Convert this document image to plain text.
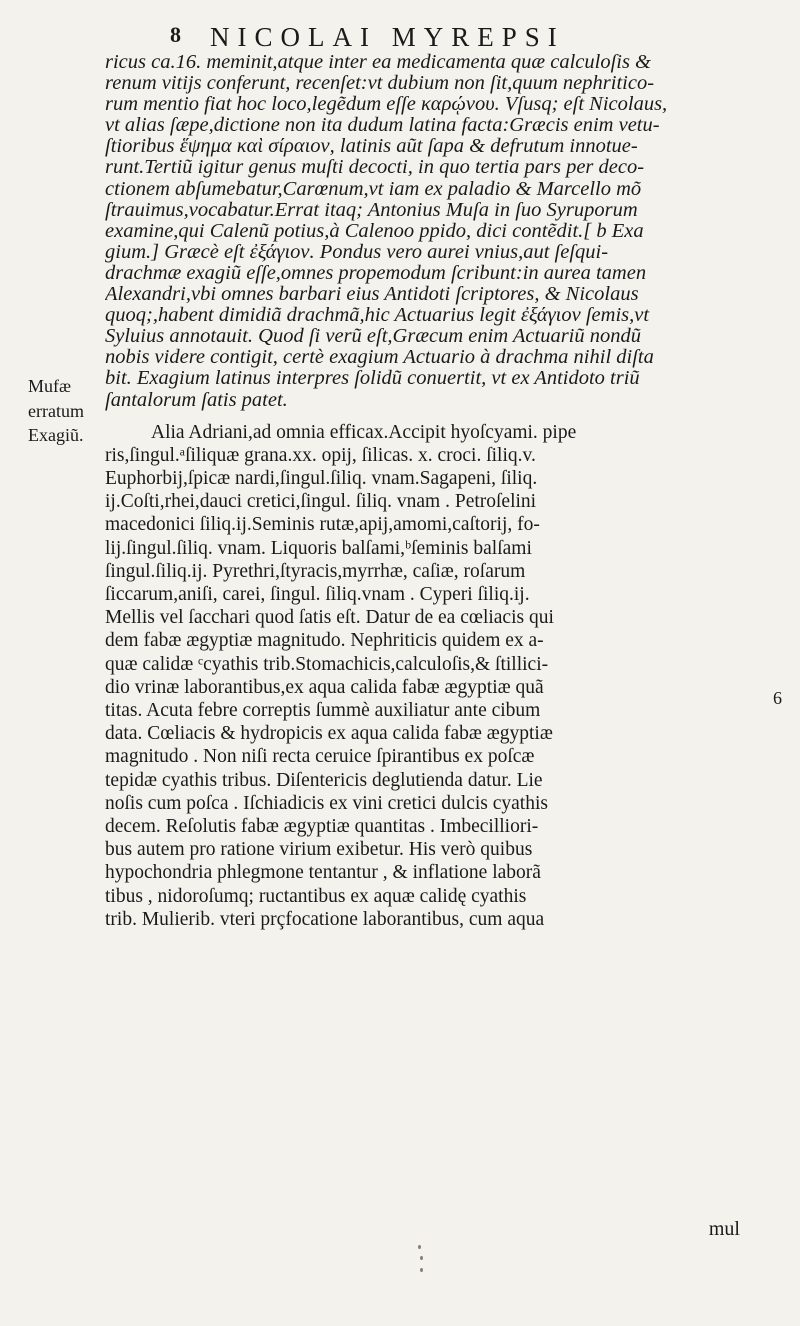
8 NICOLAI MYREPSI
Mufæ
erratum
Exagiũ.
6
ricus ca.16. meminit,atque inter ea medicamenta quæ calculoſis &
renum vitijs conferunt, recenſet:vt dubium non ſit,quum nephritico-
rum mentio fiat hoc loco,legẽdum eſſe καρῴνου. Vſusq; eſt Nicolaus,
vt alias ſæpe,dictione non ita dudum latina facta:Græcis enim vetu-
ſtioribus ἕψημα καὶ σίραιον, latinis aũt ſapa & defrutum innotue-
runt.Tertiũ igitur genus muſti decocti, in quo tertia pars per deco-
ctionem abſumebatur,Carœnum,vt iam ex paladio & Marcello mõ
ſtrauimus,vocabatur.Errat itaq; Antonius Muſa in ſuo Syruporum
examine,qui Calenũ potius,à Calenoo ppido, dici contẽdit.[ b Exa
gium.] Græcè eſt ἐξάγιον. Pondus vero aurei vnius,aut ſeſqui-
drachmæ exagiũ eſſe,omnes propemodum ſcribunt:in aurea tamen
Alexandri,vbi omnes barbari eius Antidoti ſcriptores, & Nicolaus
quoq;,habent dimidiã drachmã,hic Actuarius legit ἐξάγιον ſemis,vt
Syluius annotauit. Quod ſi verũ eſt,Græcum enim Actuariũ nondũ
nobis videre contigit, certè exagium Actuario à drachma nihil diſta
bit. Exagium latinus interpres ſolidũ conuertit, vt ex Antidoto triũ
ſantalorum ſatis patet.
Alia Adriani,ad omnia efficax.Accipit hyoſcyami. pipe
ris,ſingul.ᵃſiliquæ grana.xx. opij, ſilicas. x. croci. ſiliq.v.
Euphorbij,ſpicæ nardi,ſingul.ſiliq. vnam.Sagapeni, ſiliq.
ij.Coſti,rhei,dauci cretici,ſingul. ſiliq. vnam . Petroſelini
macedonici ſiliq.ij.Seminis rutæ,apij,amomi,caſtorij, fo-
lij.ſingul.ſiliq. vnam. Liquoris balſami,ᵇſeminis balſami
ſingul.ſiliq.ij. Pyrethri,ſtyracis,myrrhæ, caſiæ, roſarum
ſiccarum,aniſi, carei, ſingul. ſiliq.vnam . Cyperi ſiliq.ij.
Mellis vel ſacchari quod ſatis eſt. Datur de ea cœliacis qui
dem fabæ ægyptiæ magnitudo. Nephriticis quidem ex a-
quæ calidæ ᶜcyathis trib.Stomachicis,calculoſis,& ſtillici-
dio vrinæ laborantibus,ex aqua calida fabæ ægyptiæ quã
titas. Acuta febre correptis ſummè auxiliatur ante cibum
data. Cœliacis & hydropicis ex aqua calida fabæ ægyptiæ
magnitudo . Non niſi recta ceruice ſpirantibus ex poſcæ
tepidæ cyathis tribus. Diſentericis deglutienda datur. Lie
noſis cum poſca . Iſchiadicis ex vini cretici dulcis cyathis
decem. Reſolutis fabæ ægyptiæ quantitas . Imbecilliori-
bus autem pro ratione virium exibetur. His verò quibus
hypochondria phlegmone tentantur , & inflatione laborã
tibus , nidoroſumq; ructantibus ex aquæ calidę cyathis
trib. Mulierib. vteri prçfocatione laborantibus, cum aqua
mul
